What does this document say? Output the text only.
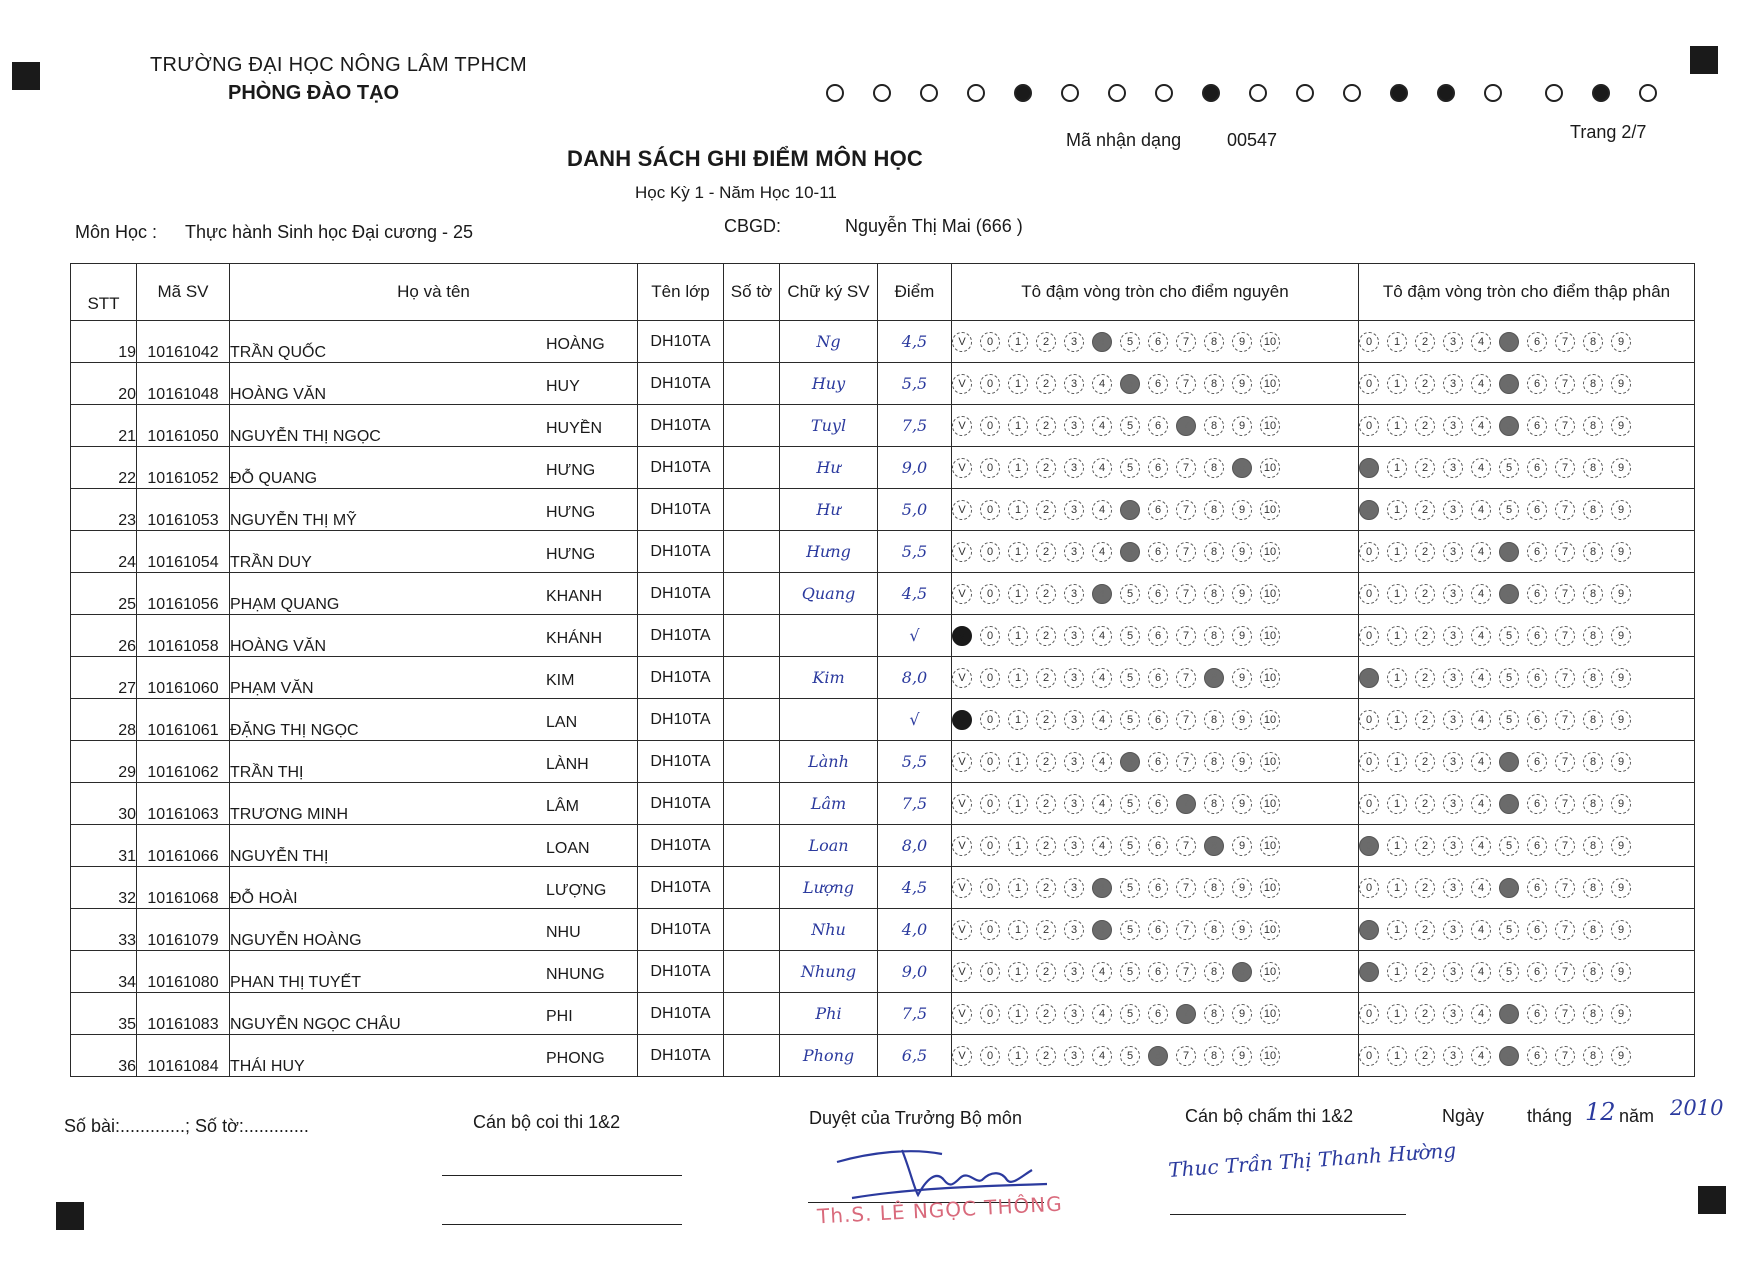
TRƯỜNG ĐẠI HỌC NÔNG LÂM TPHCM
PHÒNG ĐÀO TẠO
Mã nhận dạng	00547	Trang 2/7
DANH SÁCH GHI ĐIỂM MÔN HỌC
Học Kỳ 1 - Năm Học 10-11
Môn Học : Thực hành Sinh học Đại cương - 25	CBGD:	Nguyễn Thị Mai (666 )
STT	Mã SV	Họ và tên	Tên lớp	Số tờ	Chữ ký SV	Điểm	Tô đậm vòng tròn cho điểm nguyên	Tô đậm vòng tròn cho điểm thập phân
19	10161042	TRẦN QUỐC HOÀNG	DH10TA		Ng	4,5	V 0 1 2 3 4 5 6 7 8 9 10	0 1 2 3 4 5 6 7 8 9
20	10161048	HOÀNG VĂN HUY	DH10TA		Huy	5,5	V 0 1 2 3 4 5 6 7 8 9 10	0 1 2 3 4 5 6 7 8 9
21	10161050	NGUYỄN THỊ NGỌC HUYỀN	DH10TA		Tuyl	7,5	V 0 1 2 3 4 5 6 7 8 9 10	0 1 2 3 4 5 6 7 8 9
22	10161052	ĐỖ QUANG HƯNG	DH10TA		Hư	9,0	V 0 1 2 3 4 5 6 7 8 9 10	0 1 2 3 4 5 6 7 8 9
23	10161053	NGUYỄN THỊ MỸ HƯNG	DH10TA		Hư	5,0	V 0 1 2 3 4 5 6 7 8 9 10	0 1 2 3 4 5 6 7 8 9
24	10161054	TRẦN DUY HƯNG	DH10TA		Hưng	5,5	V 0 1 2 3 4 5 6 7 8 9 10	0 1 2 3 4 5 6 7 8 9
25	10161056	PHẠM QUANG KHANH	DH10TA		Quang	4,5	V 0 1 2 3 4 5 6 7 8 9 10	0 1 2 3 4 5 6 7 8 9
26	10161058	HOÀNG VĂN KHÁNH	DH10TA			√	V 0 1 2 3 4 5 6 7 8 9 10	0 1 2 3 4 5 6 7 8 9
27	10161060	PHẠM VĂN KIM	DH10TA		Kim	8,0	V 0 1 2 3 4 5 6 7 8 9 10	0 1 2 3 4 5 6 7 8 9
28	10161061	ĐẶNG THỊ NGỌC LAN	DH10TA			√	V 0 1 2 3 4 5 6 7 8 9 10	0 1 2 3 4 5 6 7 8 9
29	10161062	TRẦN THỊ LÀNH	DH10TA		Lành	5,5	V 0 1 2 3 4 5 6 7 8 9 10	0 1 2 3 4 5 6 7 8 9
30	10161063	TRƯƠNG MINH LÂM	DH10TA		Lâm	7,5	V 0 1 2 3 4 5 6 7 8 9 10	0 1 2 3 4 5 6 7 8 9
31	10161066	NGUYỄN THỊ LOAN	DH10TA		Loan	8,0	V 0 1 2 3 4 5 6 7 8 9 10	0 1 2 3 4 5 6 7 8 9
32	10161068	ĐỖ HOÀI LƯỢNG	DH10TA		Lượng	4,5	V 0 1 2 3 4 5 6 7 8 9 10	0 1 2 3 4 5 6 7 8 9
33	10161079	NGUYỄN HOÀNG NHU	DH10TA		Nhu	4,0	V 0 1 2 3 4 5 6 7 8 9 10	0 1 2 3 4 5 6 7 8 9
34	10161080	PHAN THỊ TUYẾT NHUNG	DH10TA		Nhung	9,0	V 0 1 2 3 4 5 6 7 8 9 10	0 1 2 3 4 5 6 7 8 9
35	10161083	NGUYỄN NGỌC CHÂU PHI	DH10TA		Phi	7,5	V 0 1 2 3 4 5 6 7 8 9 10	0 1 2 3 4 5 6 7 8 9
36	10161084	THÁI HUY PHONG	DH10TA		Phong	6,5	V 0 1 2 3 4 5 6 7 8 9 10	0 1 2 3 4 5 6 7 8 9
Số bài:.............; Số tờ:.............	Cán bộ coi thi 1&2	Duyệt của Trưởng Bộ môn	Cán bộ chấm thi 1&2	Ngày tháng 12 năm 2010
Th.S. LÊ NGỌC THÔNG
Thuc Trần Thị Thanh Hường
